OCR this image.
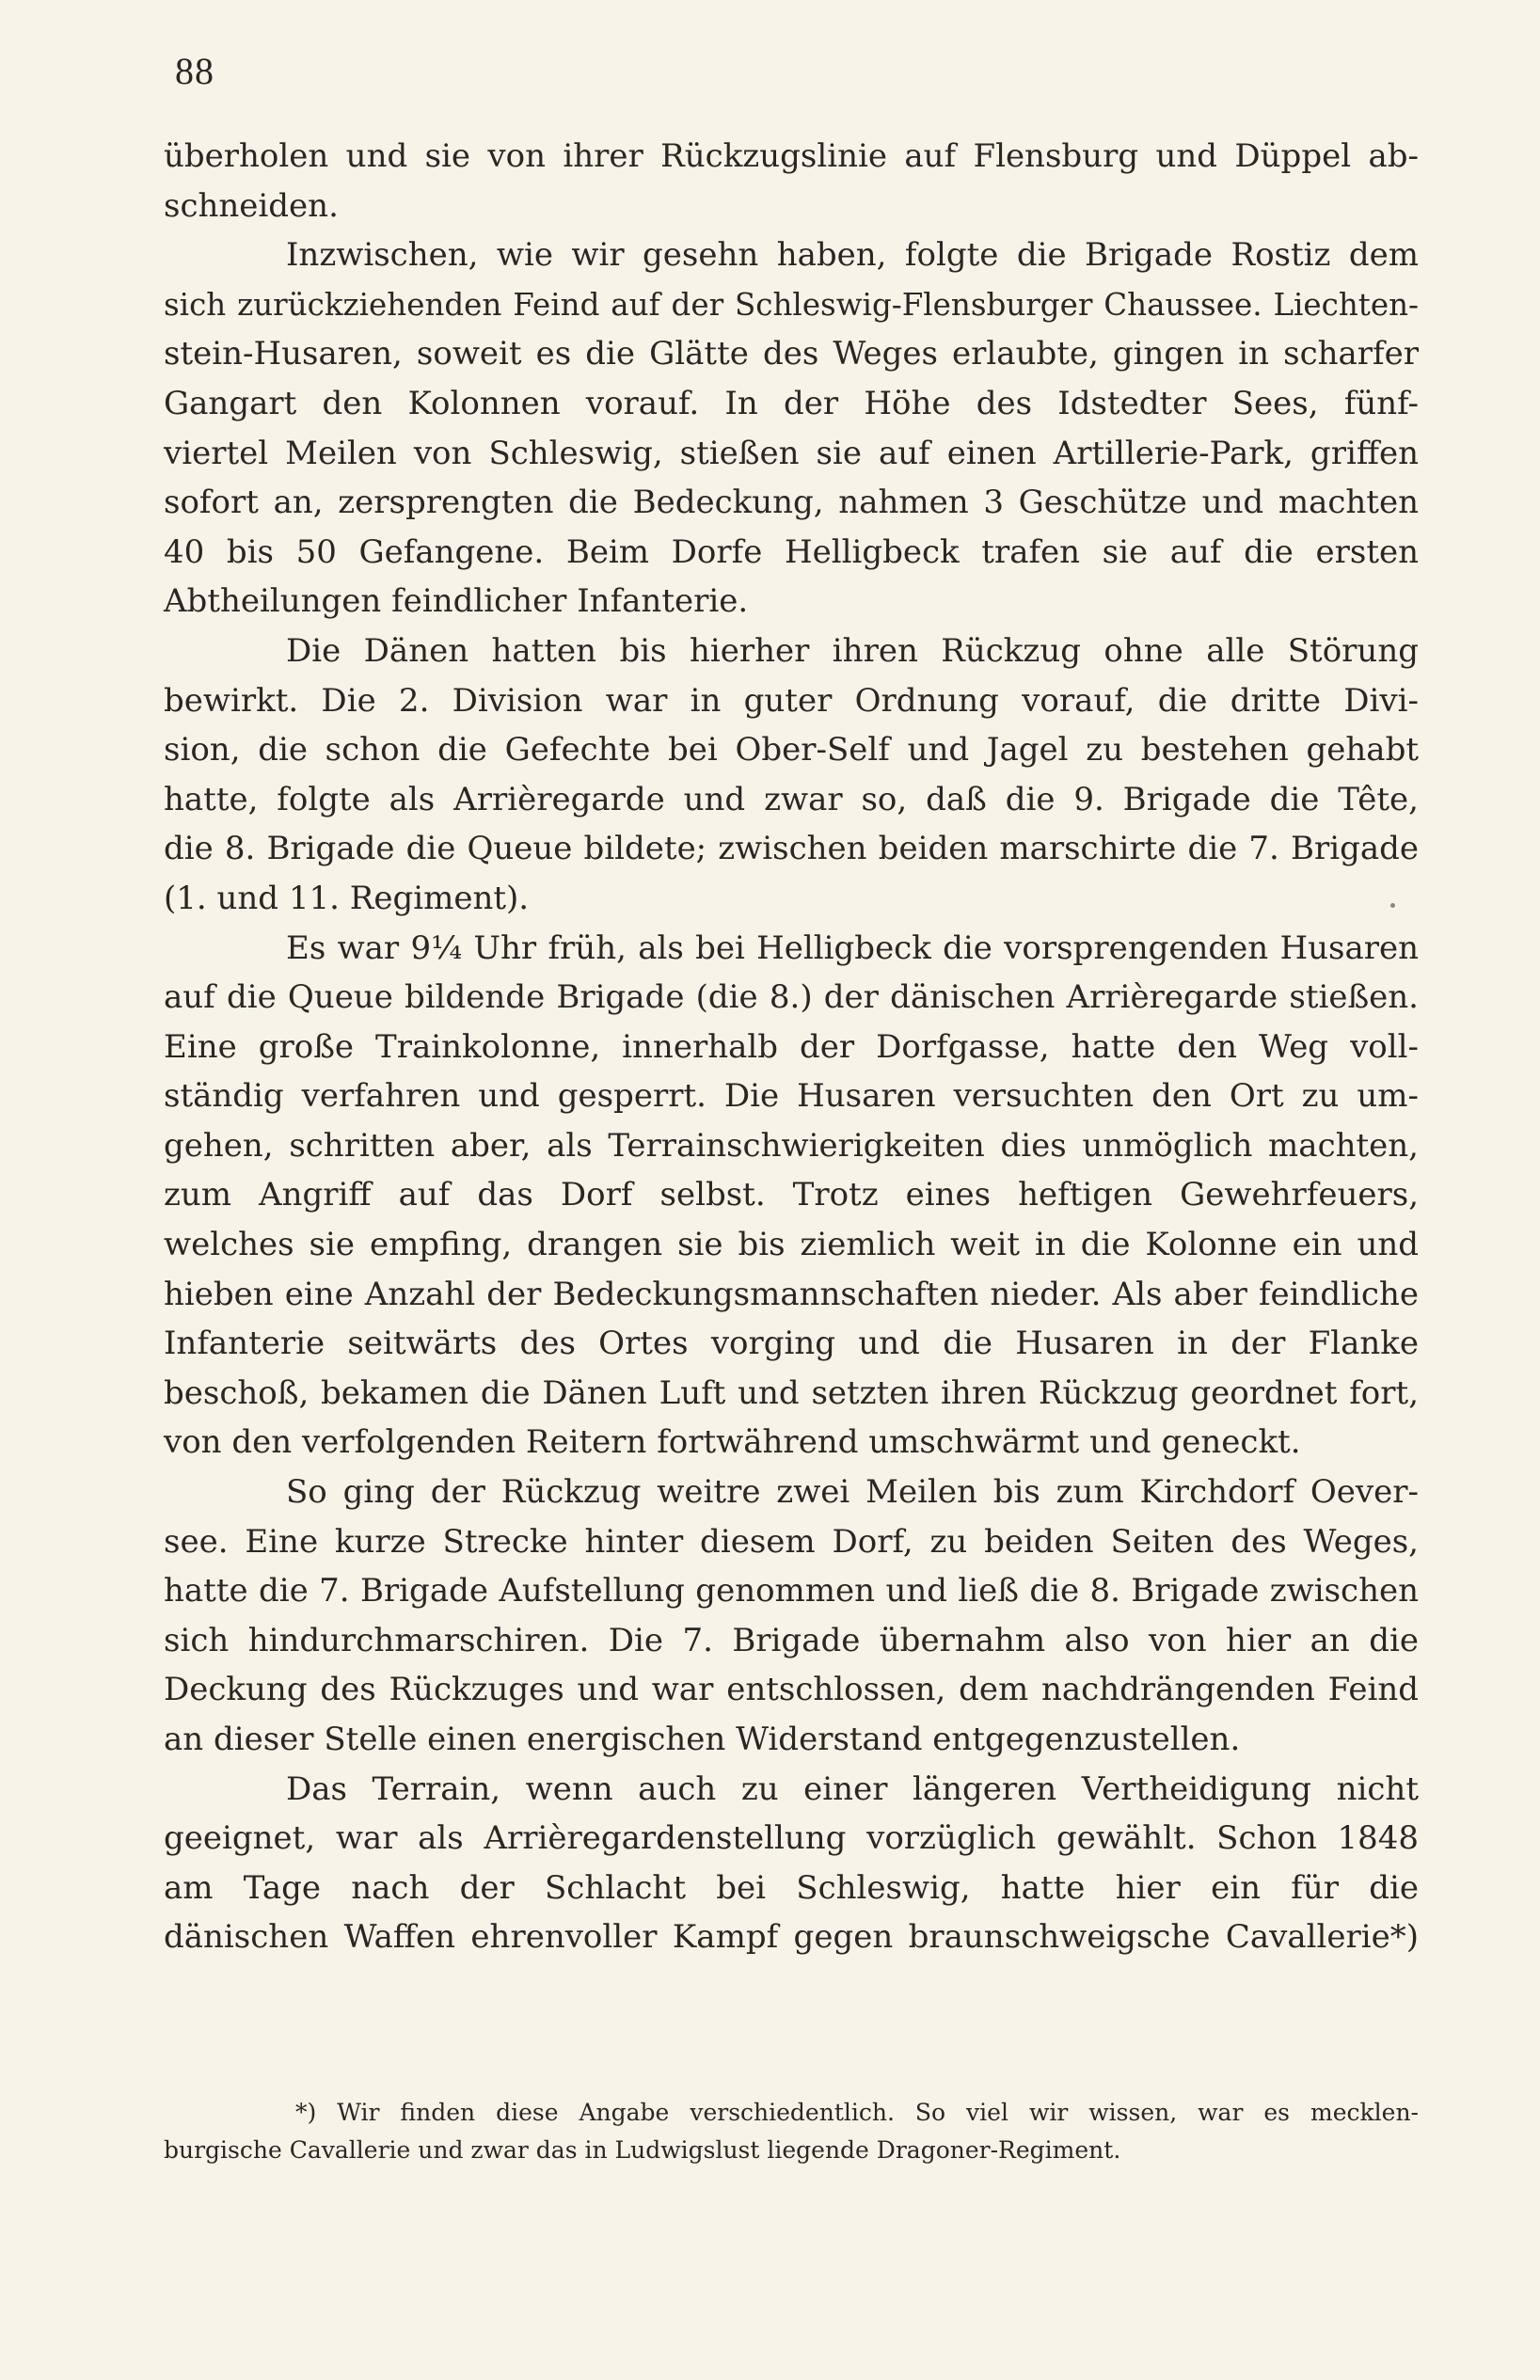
88
überholen und sie von ihrer Rückzugslinie auf Flensburg und Düppel ab-
schneiden.
Inzwischen, wie wir gesehn haben, folgte die Brigade Rostiz dem
sich zurückziehenden Feind auf der Schleswig-Flensburger Chaussee. Liechten-
stein-Husaren, soweit es die Glätte des Weges erlaubte, gingen in scharfer
Gangart den Kolonnen vorauf. In der Höhe des Idstedter Sees, fünf-
viertel Meilen von Schleswig, stießen sie auf einen Artillerie-Park, griffen
sofort an, zersprengten die Bedeckung, nahmen 3 Geschütze und machten
40 bis 50 Gefangene. Beim Dorfe Helligbeck trafen sie auf die ersten
Abtheilungen feindlicher Infanterie.
Die Dänen hatten bis hierher ihren Rückzug ohne alle Störung
bewirkt. Die 2. Division war in guter Ordnung vorauf, die dritte Divi-
sion, die schon die Gefechte bei Ober-Self und Jagel zu bestehen gehabt
hatte, folgte als Arrièregarde und zwar so, daß die 9. Brigade die Tête,
die 8. Brigade die Queue bildete; zwischen beiden marschirte die 7. Brigade
(1. und 11. Regiment).
Es war 9¼ Uhr früh, als bei Helligbeck die vorsprengenden Husaren
auf die Queue bildende Brigade (die 8.) der dänischen Arrièregarde stießen.
Eine große Trainkolonne, innerhalb der Dorfgasse, hatte den Weg voll-
ständig verfahren und gesperrt. Die Husaren versuchten den Ort zu um-
gehen, schritten aber, als Terrainschwierigkeiten dies unmöglich machten,
zum Angriff auf das Dorf selbst. Trotz eines heftigen Gewehrfeuers,
welches sie empfing, drangen sie bis ziemlich weit in die Kolonne ein und
hieben eine Anzahl der Bedeckungsmannschaften nieder. Als aber feindliche
Infanterie seitwärts des Ortes vorging und die Husaren in der Flanke
beschoß, bekamen die Dänen Luft und setzten ihren Rückzug geordnet fort,
von den verfolgenden Reitern fortwährend umschwärmt und geneckt.
So ging der Rückzug weitre zwei Meilen bis zum Kirchdorf Oever-
see. Eine kurze Strecke hinter diesem Dorf, zu beiden Seiten des Weges,
hatte die 7. Brigade Aufstellung genommen und ließ die 8. Brigade zwischen
sich hindurchmarschiren. Die 7. Brigade übernahm also von hier an die
Deckung des Rückzuges und war entschlossen, dem nachdrängenden Feind
an dieser Stelle einen energischen Widerstand entgegenzustellen.
Das Terrain, wenn auch zu einer längeren Vertheidigung nicht
geeignet, war als Arrièregardenstellung vorzüglich gewählt. Schon 1848
am Tage nach der Schlacht bei Schleswig, hatte hier ein für die
dänischen Waffen ehrenvoller Kampf gegen braunschweigsche Cavallerie*)
*) Wir finden diese Angabe verschiedentlich. So viel wir wissen, war es mecklen-
burgische Cavallerie und zwar das in Ludwigslust liegende Dragoner-Regiment.
